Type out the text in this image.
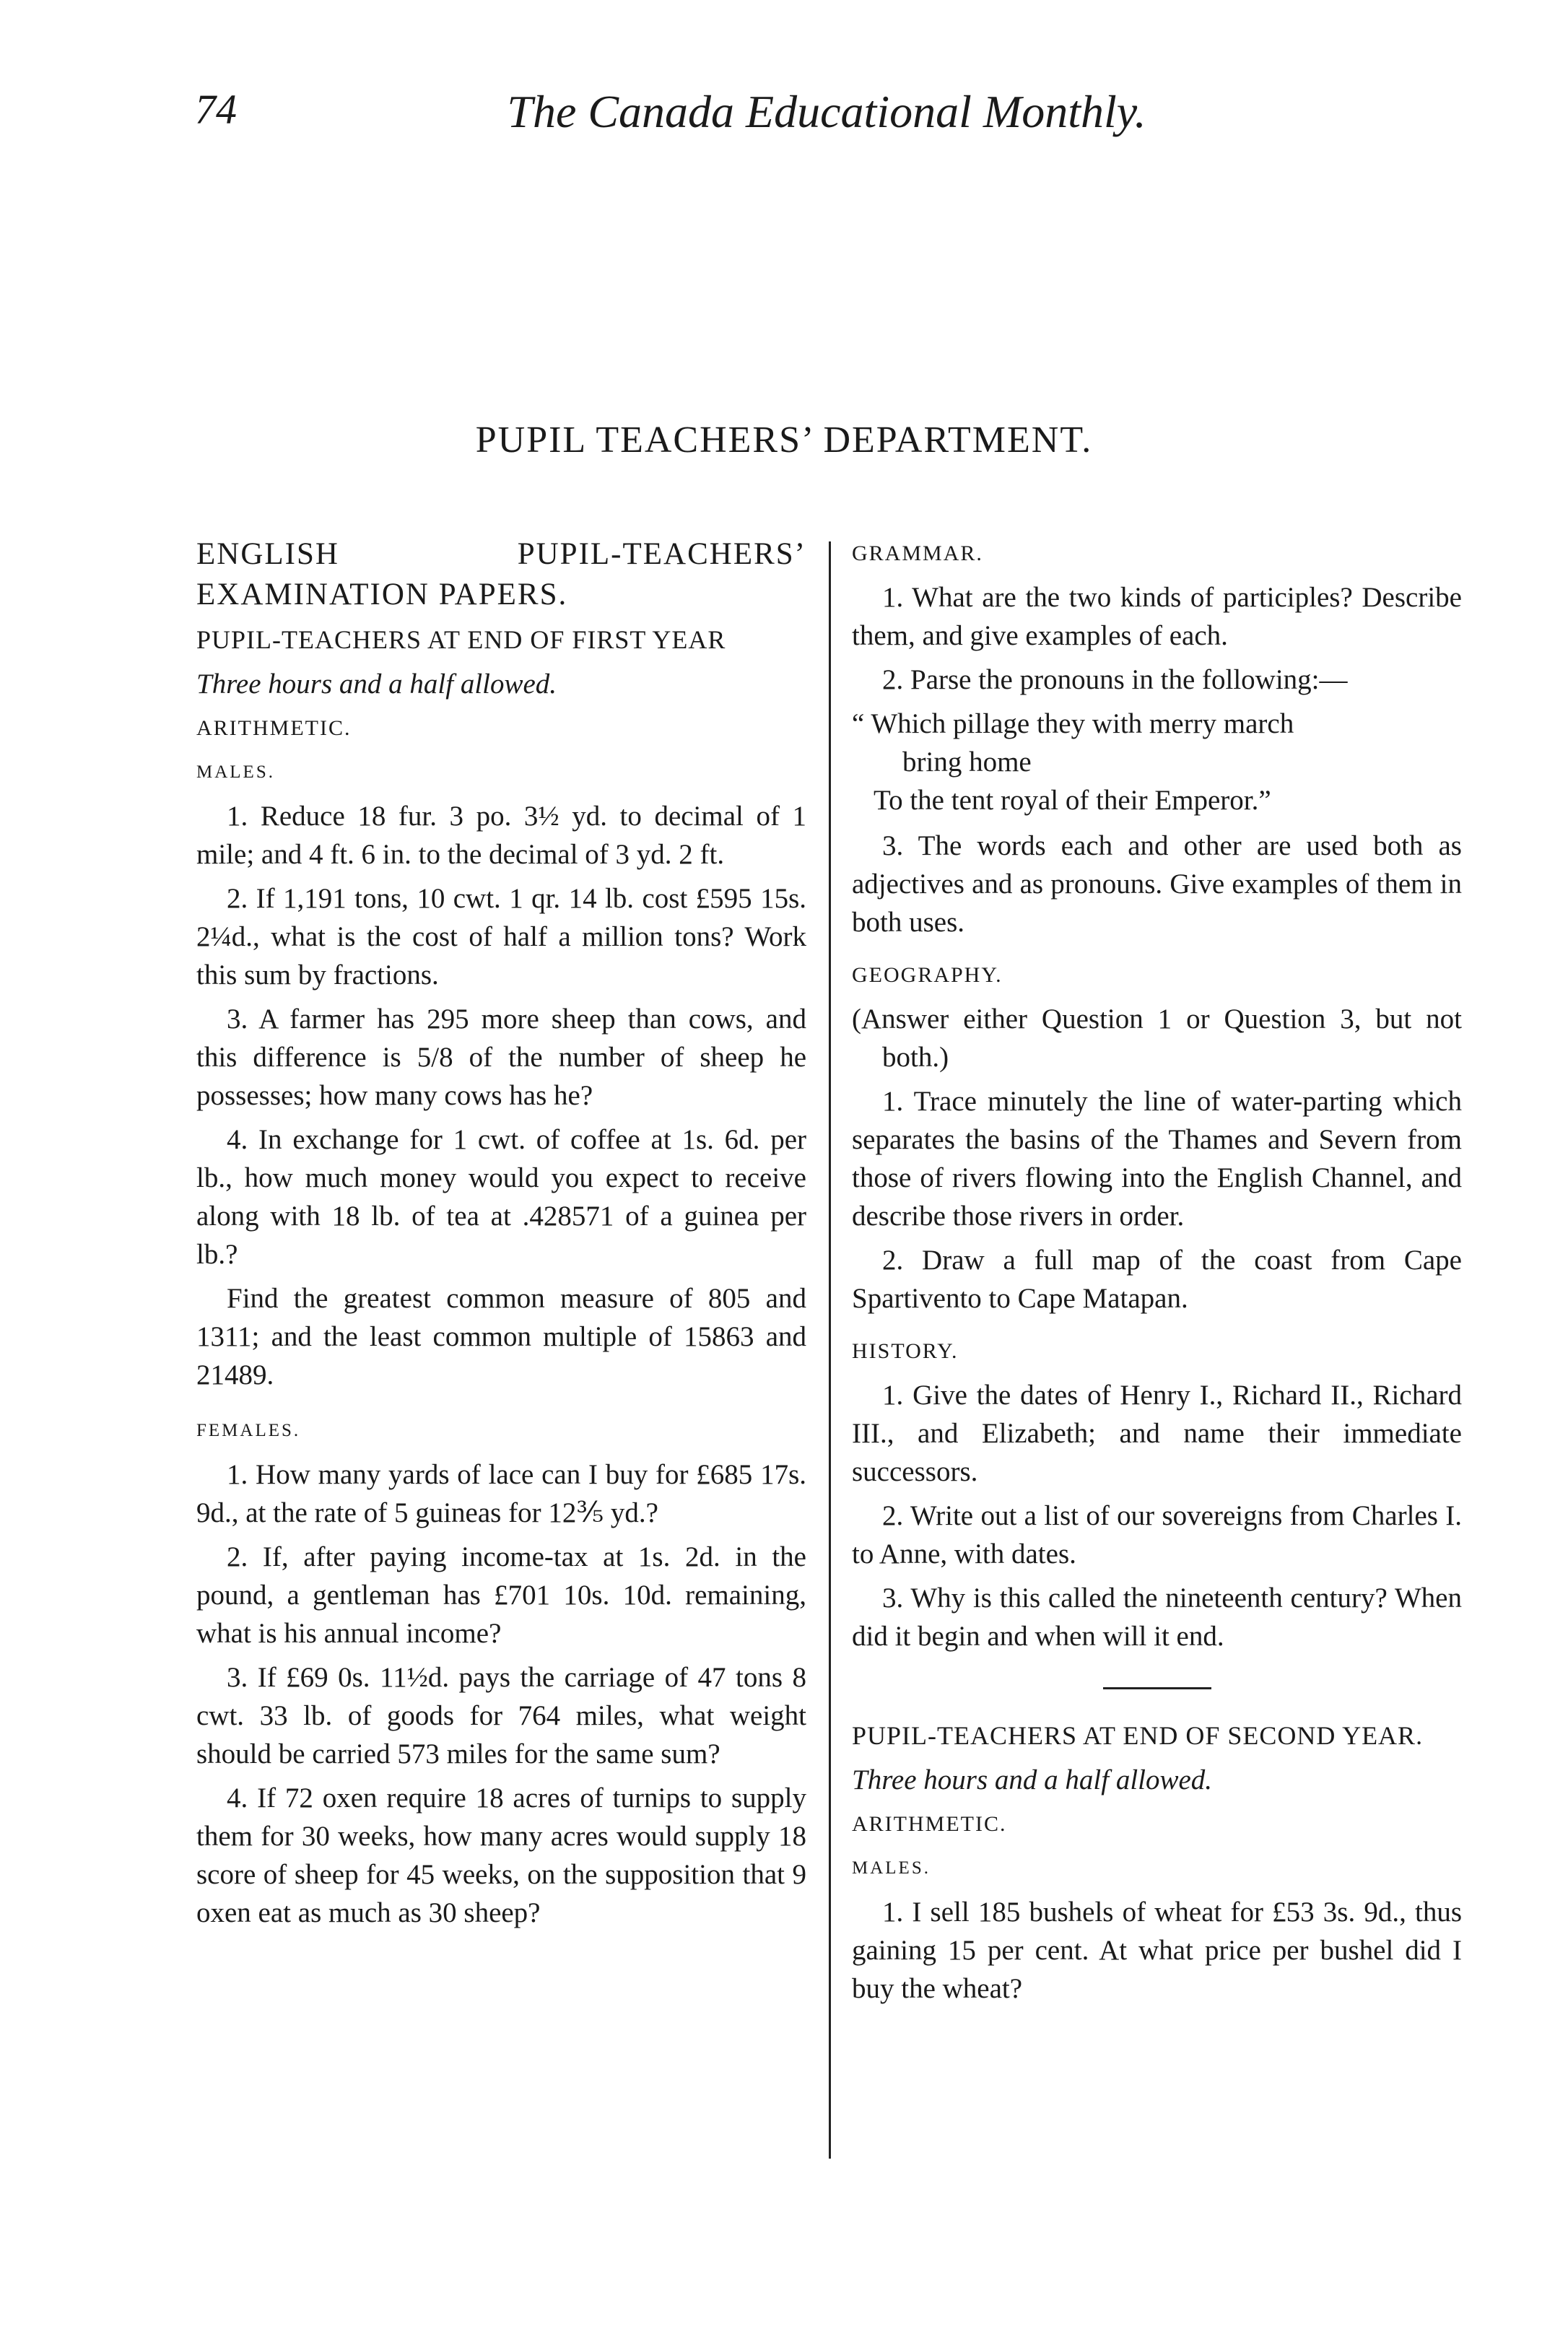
74	The Canada Educational Monthly.
PUPIL TEACHERS’ DEPARTMENT.

ENGLISH PUPIL-TEACHERS’ EXAMINATION PAPERS.

PUPIL-TEACHERS AT END OF FIRST YEAR

Three hours and a half allowed.

ARITHMETIC.

MALES.

1. Reduce 18 fur. 3 po. 3½ yd. to decimal of 1 mile; and 4 ft. 6 in. to the decimal of 3 yd. 2 ft.

2. If 1,191 tons, 10 cwt. 1 qr. 14 lb. cost £595 15s. 2¼d., what is the cost of half a million tons? Work this sum by fractions.

3. A farmer has 295 more sheep than cows, and this difference is 5/8 of the number of sheep he possesses; how many cows has he?

4. In exchange for 1 cwt. of coffee at 1s. 6d. per lb., how much money would you expect to receive along with 18 lb. of tea at .428571 of a guinea per lb.?

Find the greatest common measure of 805 and 1311; and the least common multiple of 15863 and 21489.

FEMALES.

1. How many yards of lace can I buy for £685 17s. 9d., at the rate of 5 guineas for 12⅗ yd.?

2. If, after paying income-tax at 1s. 2d. in the pound, a gentleman has £701 10s. 10d. remaining, what is his annual income?

3. If £69 0s. 11½d. pays the carriage of 47 tons 8 cwt. 33 lb. of goods for 764 miles, what weight should be carried 573 miles for the same sum?

4. If 72 oxen require 18 acres of turnips to supply them for 30 weeks, how many acres would supply 18 score of sheep for 45 weeks, on the supposition that 9 oxen eat as much as 30 sheep?

GRAMMAR.

1. What are the two kinds of participles? Describe them, and give examples of each.

2. Parse the pronouns in the following:—

“ Which pillage they with merry march

bring home

To the tent royal of their Emperor.”

3. The words each and other are used both as adjectives and as pronouns. Give examples of them in both uses.

GEOGRAPHY.

(Answer either Question 1 or Question 3, but not both.)

1. Trace minutely the line of water-parting which separates the basins of the Thames and Severn from those of rivers flowing into the English Channel, and describe those rivers in order.

2. Draw a full map of the coast from Cape Spartivento to Cape Matapan.

HISTORY.

1. Give the dates of Henry I., Richard II., Richard III., and Elizabeth; and name their immediate successors.

2. Write out a list of our sovereigns from Charles I. to Anne, with dates.

3. Why is this called the nineteenth century? When did it begin and when will it end.

PUPIL-TEACHERS AT END OF SECOND YEAR.

Three hours and a half allowed.

ARITHMETIC.

MALES.

1. I sell 185 bushels of wheat for £53 3s. 9d., thus gaining 15 per cent. At what price per bushel did I buy the wheat?
